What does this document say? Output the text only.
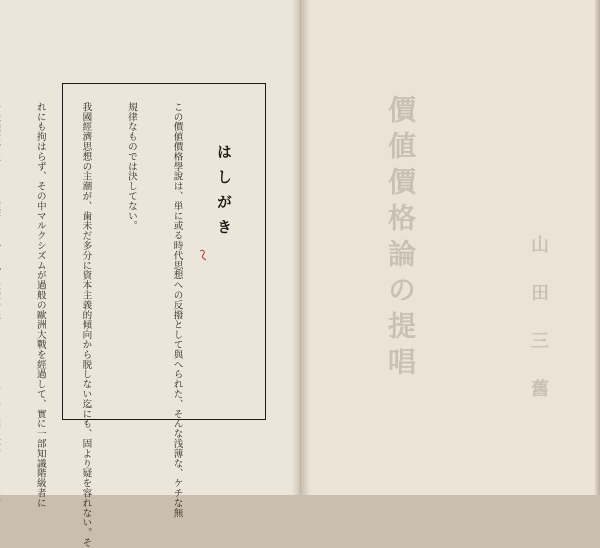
はしがき

この價値價格學說は、単に或る時代思想への反撥として與へられた、そんな浅薄な、ケチな無

規律なものでは決してない。

我國經濟思想の主潮が、歯未だ多分に資本主義的傾向から脱しない迄にも、固より疑を容れない。そ

れにも拘はらず、その中マルクシズムが過般の歐洲大戰を經過して、實に一部知識階級者に

	價値價格論の提唱	山　田　三　舊
